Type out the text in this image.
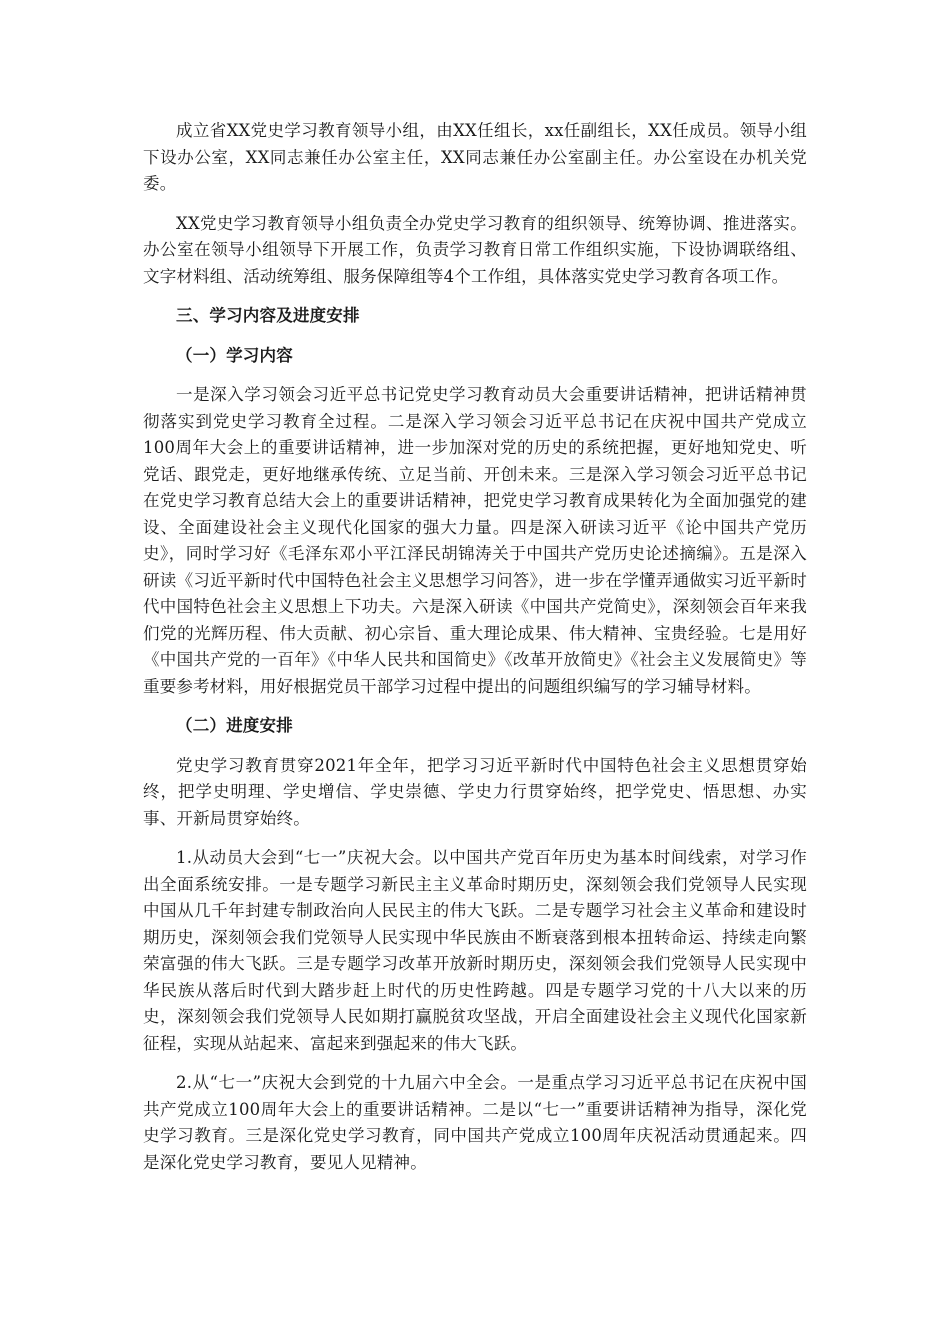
成立省XX党史学习教育领导小组，由XX任组长，xx任副组长，XX任成员。领导小组下设办公室，XX同志兼任办公室主任，XX同志兼任办公室副主任。办公室设在办机关党委。

XX党史学习教育领导小组负责全办党史学习教育的组织领导、统筹协调、推进落实。办公室在领导小组领导下开展工作，负责学习教育日常工作组织实施，下设协调联络组、文字材料组、活动统筹组、服务保障组等4个工作组，具体落实党史学习教育各项工作。

三、学习内容及进度安排

（一）学习内容

一是深入学习领会习近平总书记党史学习教育动员大会重要讲话精神，把讲话精神贯彻落实到党史学习教育全过程。二是深入学习领会习近平总书记在庆祝中国共产党成立100周年大会上的重要讲话精神，进一步加深对党的历史的系统把握，更好地知党史、听党话、跟党走，更好地继承传统、立足当前、开创未来。三是深入学习领会习近平总书记在党史学习教育总结大会上的重要讲话精神，把党史学习教育成果转化为全面加强党的建设、全面建设社会主义现代化国家的强大力量。四是深入研读习近平《论中国共产党历史》，同时学习好《毛泽东邓小平江泽民胡锦涛关于中国共产党历史论述摘编》。五是深入研读《习近平新时代中国特色社会主义思想学习问答》，进一步在学懂弄通做实习近平新时代中国特色社会主义思想上下功夫。六是深入研读《中国共产党简史》，深刻领会百年来我们党的光辉历程、伟大贡献、初心宗旨、重大理论成果、伟大精神、宝贵经验。七是用好《中国共产党的一百年》《中华人民共和国简史》《改革开放简史》《社会主义发展简史》等重要参考材料，用好根据党员干部学习过程中提出的问题组织编写的学习辅导材料。

（二）进度安排

党史学习教育贯穿2021年全年，把学习习近平新时代中国特色社会主义思想贯穿始终，把学史明理、学史增信、学史崇德、学史力行贯穿始终，把学党史、悟思想、办实事、开新局贯穿始终。

1.从动员大会到“七一”庆祝大会。以中国共产党百年历史为基本时间线索，对学习作出全面系统安排。一是专题学习新民主主义革命时期历史，深刻领会我们党领导人民实现中国从几千年封建专制政治向人民民主的伟大飞跃。二是专题学习社会主义革命和建设时期历史，深刻领会我们党领导人民实现中华民族由不断衰落到根本扭转命运、持续走向繁荣富强的伟大飞跃。三是专题学习改革开放新时期历史，深刻领会我们党领导人民实现中华民族从落后时代到大踏步赶上时代的历史性跨越。四是专题学习党的十八大以来的历史，深刻领会我们党领导人民如期打赢脱贫攻坚战，开启全面建设社会主义现代化国家新征程，实现从站起来、富起来到强起来的伟大飞跃。

2.从“七一”庆祝大会到党的十九届六中全会。一是重点学习习近平总书记在庆祝中国共产党成立100周年大会上的重要讲话精神。二是以“七一”重要讲话精神为指导，深化党史学习教育。三是深化党史学习教育，同中国共产党成立100周年庆祝活动贯通起来。四是深化党史学习教育，要见人见精神。
